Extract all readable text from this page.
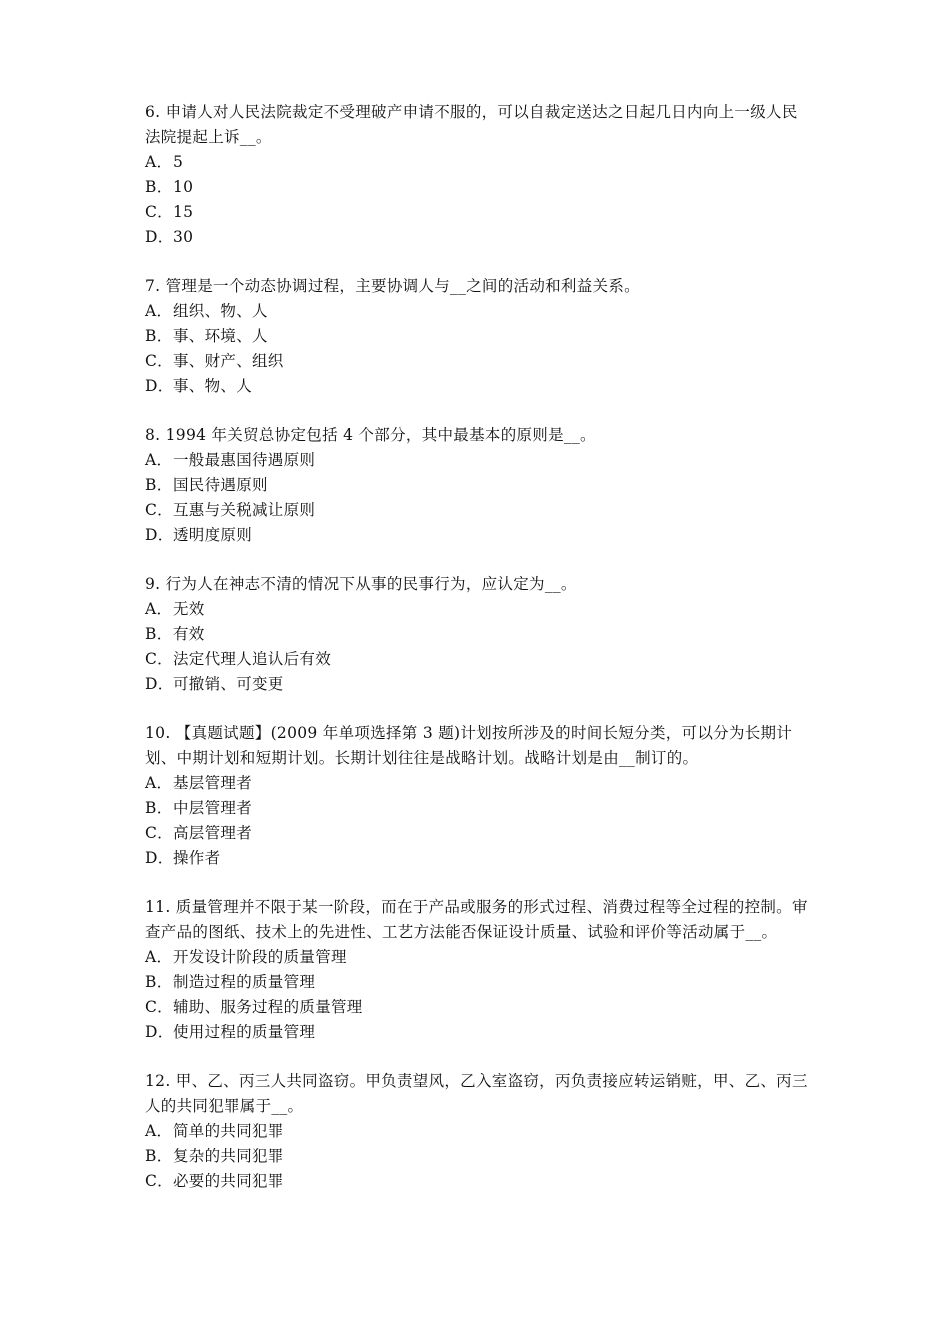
6. 申请人对人民法院裁定不受理破产申请不服的，可以自裁定送达之日起几日内向上一级人民法院提起上诉__。

A．5

B．10

C．15

D．30

7. 管理是一个动态协调过程，主要协调人与__之间的活动和利益关系。

A．组织、物、人

B．事、环境、人

C．事、财产、组织

D．事、物、人

8. 1994 年关贸总协定包括 4 个部分，其中最基本的原则是__。

A．一般最惠国待遇原则

B．国民待遇原则

C．互惠与关税减让原则

D．透明度原则

9. 行为人在神志不清的情况下从事的民事行为，应认定为__。

A．无效

B．有效

C．法定代理人追认后有效

D．可撤销、可变更

10. 【真题试题】(2009 年单项选择第 3 题)计划按所涉及的时间长短分类，可以分为长期计划、中期计划和短期计划。长期计划往往是战略计划。战略计划是由__制订的。

A．基层管理者

B．中层管理者

C．高层管理者

D．操作者

11. 质量管理并不限于某一阶段，而在于产品或服务的形式过程、消费过程等全过程的控制。审查产品的图纸、技术上的先进性、工艺方法能否保证设计质量、试验和评价等活动属于__。

A．开发设计阶段的质量管理

B．制造过程的质量管理

C．辅助、服务过程的质量管理

D．使用过程的质量管理

12. 甲、乙、丙三人共同盗窃。甲负责望风，乙入室盗窃，丙负责接应转运销赃，甲、乙、丙三人的共同犯罪属于__。

A．简单的共同犯罪

B．复杂的共同犯罪

C．必要的共同犯罪
